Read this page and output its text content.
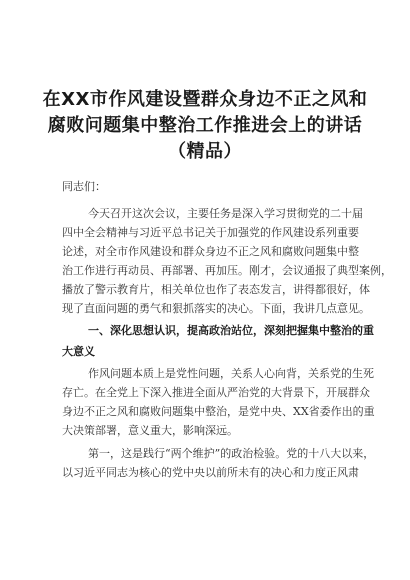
在XX市作风建设暨群众身边不正之风和
腐败问题集中整治工作推进会上的讲话
（精品）
同志们：
今天召开这次会议，主要任务是深入学习贯彻党的二十届
四中全会精神与习近平总书记关于加强党的作风建设系列重要
论述，对全市作风建设和群众身边不正之风和腐败问题集中整
治工作进行再动员、再部署、再加压。刚才，会议通报了典型案例，
播放了警示教育片，相关单位也作了表态发言，讲得都很好，体
现了直面问题的勇气和狠抓落实的决心。下面，我讲几点意见。
一、深化思想认识，提高政治站位，深刻把握集中整治的重
大意义
作风问题本质上是党性问题，关系人心向背，关系党的生死
存亡。在全党上下深入推进全面从严治党的大背景下，开展群众
身边不正之风和腐败问题集中整治，是党中央、XX省委作出的重
大决策部署，意义重大，影响深远。
第一，这是践行“两个维护”的政治检验。党的十八大以来，
以习近平同志为核心的党中央以前所未有的决心和力度正风肃
